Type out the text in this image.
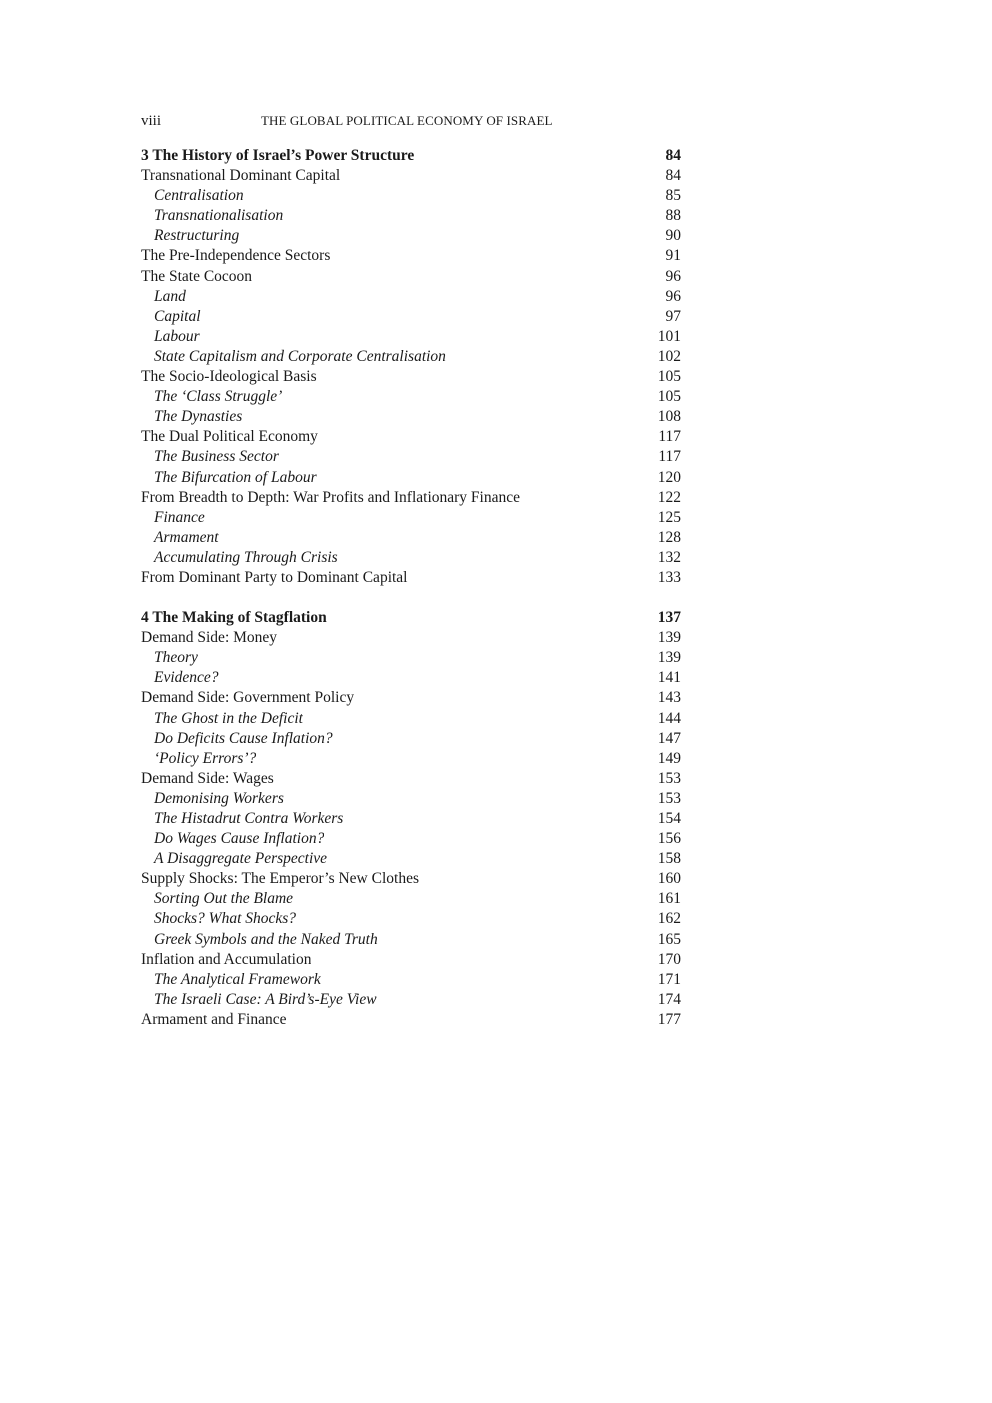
viii	THE GLOBAL POLITICAL ECONOMY OF ISRAEL
3 The History of Israel’s Power Structure	84
Transnational Dominant Capital	84
Centralisation	85
Transnationalisation	88
Restructuring	90
The Pre-Independence Sectors	91
The State Cocoon	96
Land	96
Capital	97
Labour	101
State Capitalism and Corporate Centralisation	102
The Socio-Ideological Basis	105
The ‘Class Struggle’	105
The Dynasties	108
The Dual Political Economy	117
The Business Sector	117
The Bifurcation of Labour	120
From Breadth to Depth: War Profits and Inflationary Finance	122
Finance	125
Armament	128
Accumulating Through Crisis	132
From Dominant Party to Dominant Capital	133
4 The Making of Stagflation	137
Demand Side: Money	139
Theory	139
Evidence?	141
Demand Side: Government Policy	143
The Ghost in the Deficit	144
Do Deficits Cause Inflation?	147
‘Policy Errors’?	149
Demand Side: Wages	153
Demonising Workers	153
The Histadrut Contra Workers	154
Do Wages Cause Inflation?	156
A Disaggregate Perspective	158
Supply Shocks: The Emperor’s New Clothes	160
Sorting Out the Blame	161
Shocks? What Shocks?	162
Greek Symbols and the Naked Truth	165
Inflation and Accumulation	170
The Analytical Framework	171
The Israeli Case: A Bird’s-Eye View	174
Armament and Finance	177
